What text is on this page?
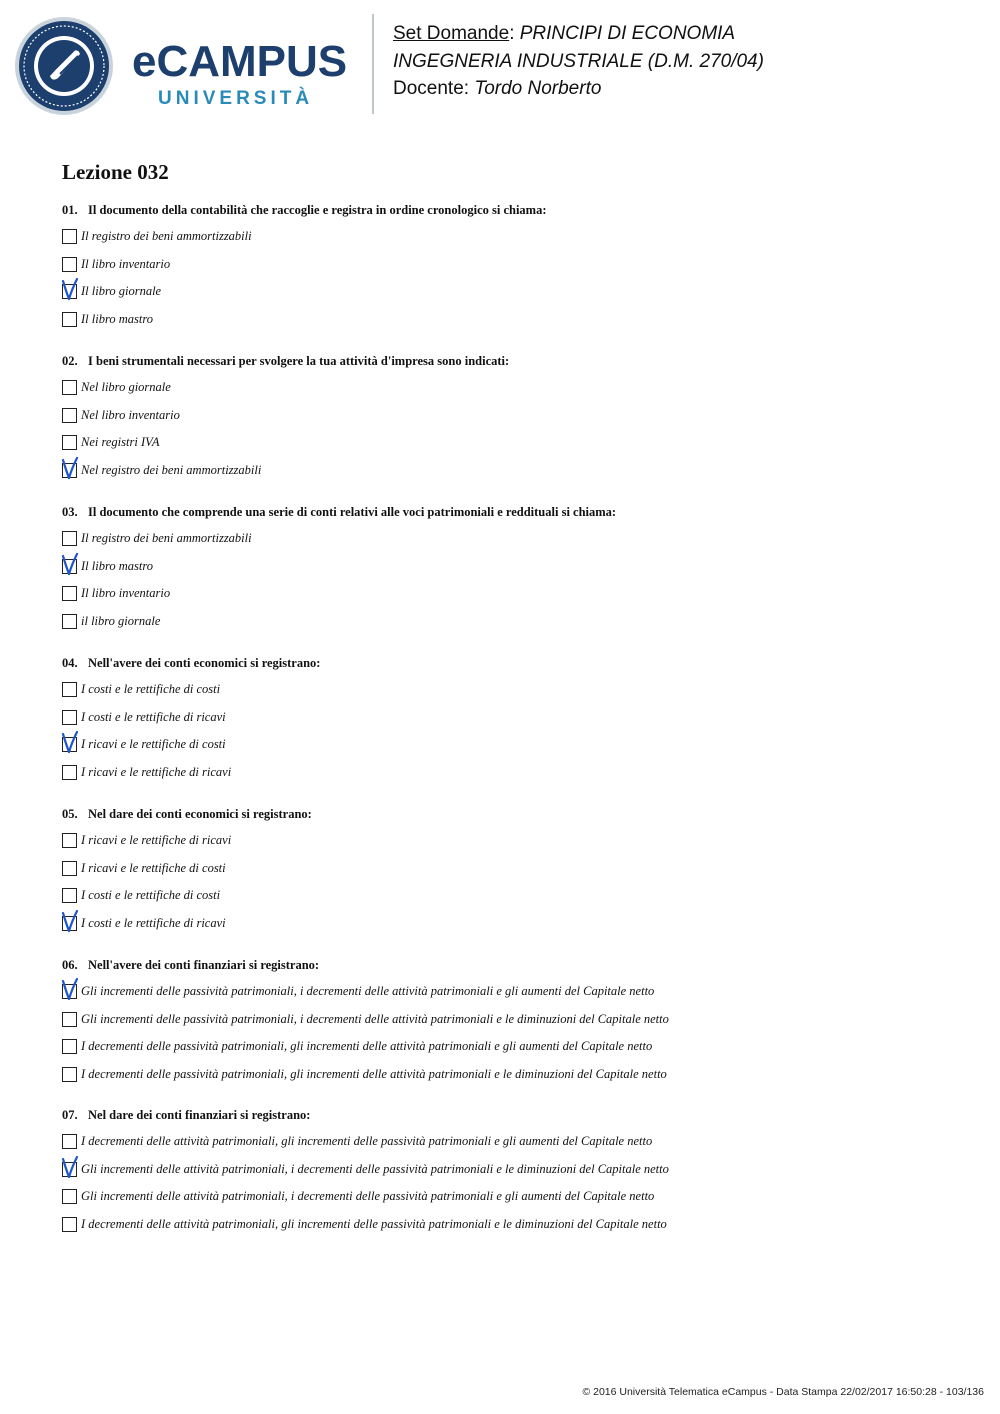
eCAMPUS
UNIVERSITÀ
Set Domande: PRINCIPI DI ECONOMIA
INGEGNERIA INDUSTRIALE (D.M. 270/04)
Docente: Tordo Norberto
Lezione 032
01. Il documento della contabilità che raccoglie e registra in ordine cronologico si chiama:
Il registro dei beni ammortizzabili
Il libro inventario
Il libro giornale
Il libro mastro
02. I beni strumentali necessari per svolgere la tua attività d'impresa sono indicati:
Nel libro giornale
Nel libro inventario
Nei registri IVA
Nel registro dei beni ammortizzabili
03. Il documento che comprende una serie di conti relativi alle voci patrimoniali e reddituali si chiama:
Il registro dei beni ammortizzabili
Il libro mastro
Il libro inventario
il libro giornale
04. Nell'avere dei conti economici si registrano:
I costi e le rettifiche di costi
I costi e le rettifiche di ricavi
I ricavi e le rettifiche di costi
I ricavi e le rettifiche di ricavi
05. Nel dare dei conti economici si registrano:
I ricavi e le rettifiche di ricavi
I ricavi e le rettifiche di costi
I costi e le rettifiche di costi
I costi e le rettifiche di ricavi
06. Nell'avere dei conti finanziari si registrano:
Gli incrementi delle passività patrimoniali, i decrementi delle attività patrimoniali e gli aumenti del Capitale netto
Gli incrementi delle passività patrimoniali, i decrementi delle attività patrimoniali e le diminuzioni del Capitale netto
I decrementi delle passività patrimoniali, gli incrementi delle attività patrimoniali e gli aumenti del Capitale netto
I decrementi delle passività patrimoniali, gli incrementi delle attività patrimoniali e le diminuzioni del Capitale netto
07. Nel dare dei conti finanziari si registrano:
I decrementi delle attività patrimoniali, gli incrementi delle passività patrimoniali e gli aumenti del Capitale netto
Gli incrementi delle attività patrimoniali, i decrementi delle passività patrimoniali e le diminuzioni del Capitale netto
Gli incrementi delle attività patrimoniali, i decrementi delle passività patrimoniali e gli aumenti del Capitale netto
I decrementi delle attività patrimoniali, gli incrementi delle passività patrimoniali e le diminuzioni del Capitale netto
© 2016 Università Telematica eCampus - Data Stampa 22/02/2017 16:50:28 - 103/136
